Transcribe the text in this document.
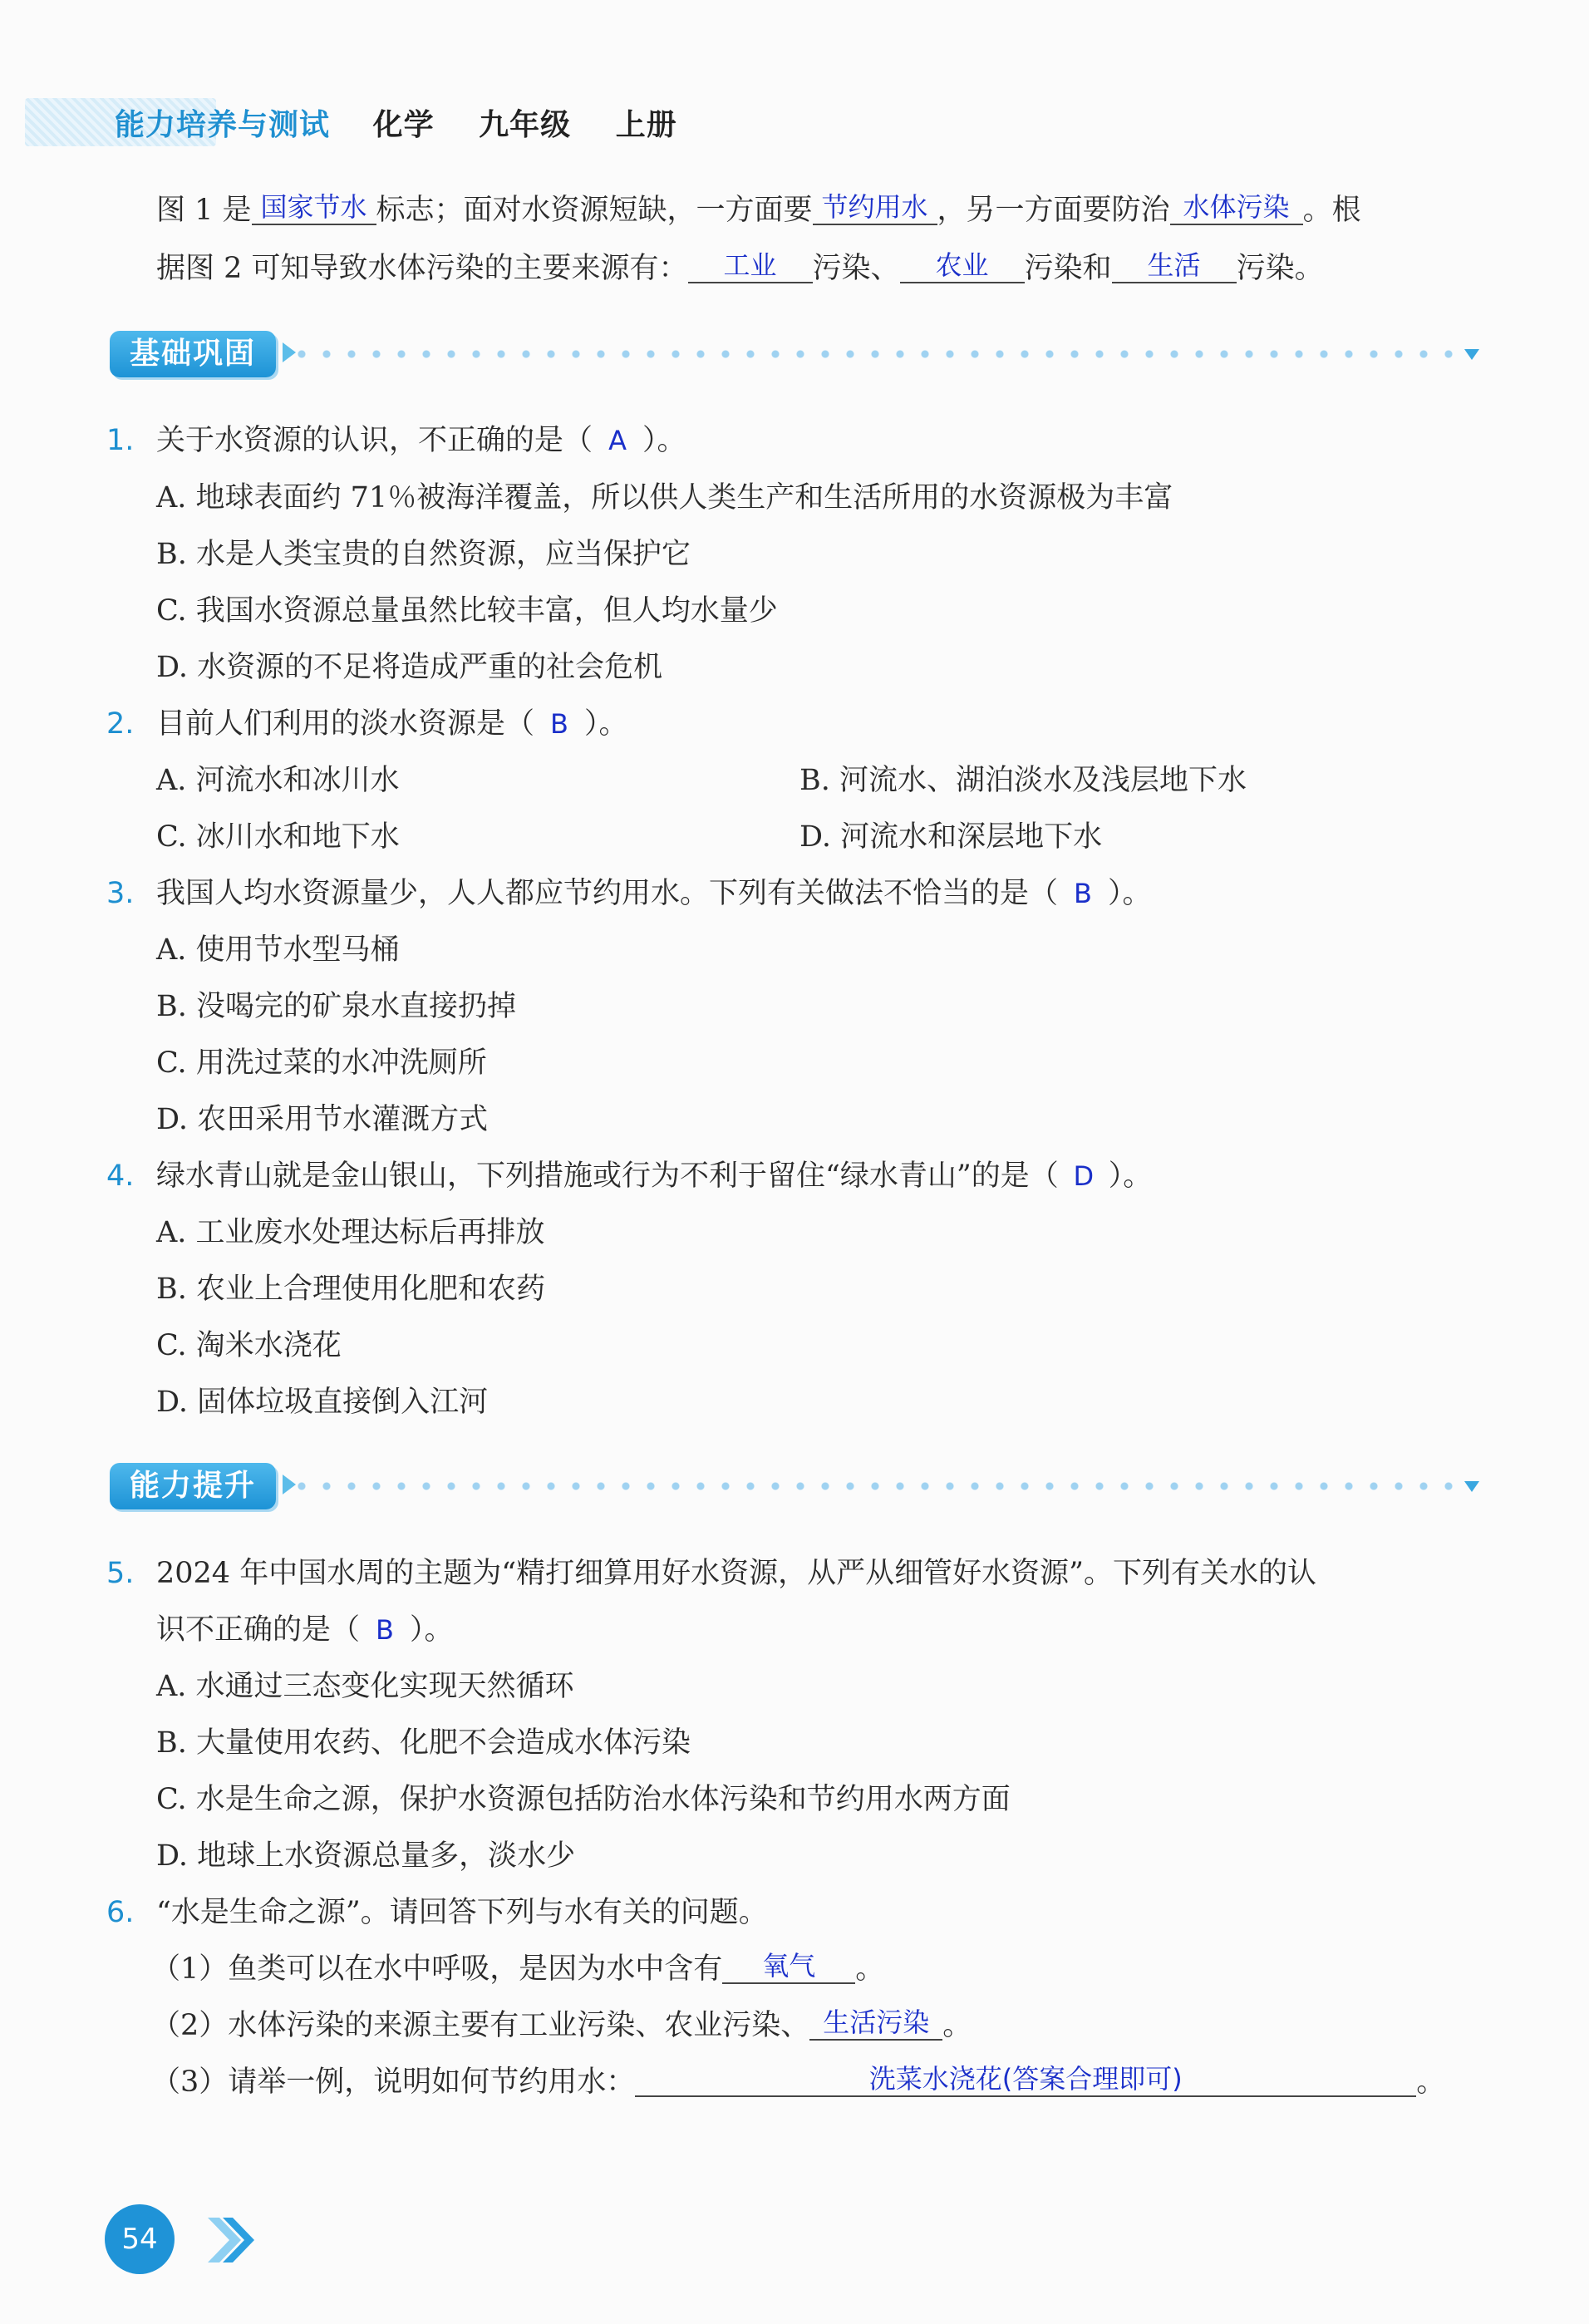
能力培养与测试 化学 九年级 上册
图 1 是 国家节水 标志；面对水资源短缺，一方面要 节约用水 ，另一方面要防治 水体污染 。根
据图 2 可知导致水体污染的主要来源有： 工业 污染、 农业 污染和 生活 污染。
基础巩固
1. 关于水资源的认识，不正确的是（ A ）。
A. 地球表面约 71％被海洋覆盖，所以供人类生产和生活所用的水资源极为丰富
B. 水是人类宝贵的自然资源，应当保护它
C. 我国水资源总量虽然比较丰富，但人均水量少
D. 水资源的不足将造成严重的社会危机
2. 目前人们利用的淡水资源是（ B ）。
A. 河流水和冰川水	B. 河流水、湖泊淡水及浅层地下水
C. 冰川水和地下水	D. 河流水和深层地下水
3. 我国人均水资源量少，人人都应节约用水。下列有关做法不恰当的是（ B ）。
A. 使用节水型马桶
B. 没喝完的矿泉水直接扔掉
C. 用洗过菜的水冲洗厕所
D. 农田采用节水灌溉方式
4. 绿水青山就是金山银山，下列措施或行为不利于留住“绿水青山”的是（ D ）。
A. 工业废水处理达标后再排放
B. 农业上合理使用化肥和农药
C. 淘米水浇花
D. 固体垃圾直接倒入江河
能力提升
5. 2024 年中国水周的主题为“精打细算用好水资源，从严从细管好水资源”。下列有关水的认
识不正确的是（ B ）。
A. 水通过三态变化实现天然循环
B. 大量使用农药、化肥不会造成水体污染
C. 水是生命之源，保护水资源包括防治水体污染和节约用水两方面
D. 地球上水资源总量多，淡水少
6. “水是生命之源”。请回答下列与水有关的问题。
（1）鱼类可以在水中呼吸，是因为水中含有 氧气 。
（2）水体污染的来源主要有工业污染、农业污染、 生活污染 。
（3）请举一例，说明如何节约用水：	洗菜水浇花(答案合理即可)	。
54
